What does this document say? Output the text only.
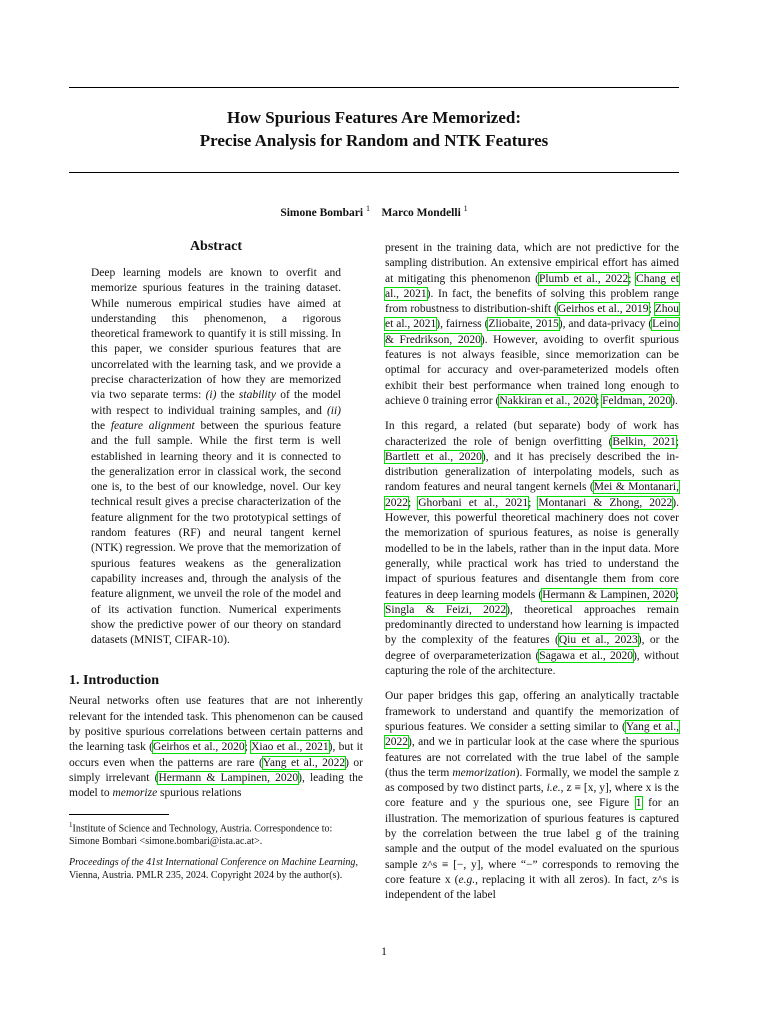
How Spurious Features Are Memorized:
Precise Analysis for Random and NTK Features
Simone Bombari $^1$ Marco Mondelli $^1$
Abstract

Deep learning models are known to overfit and memorize spurious features in the training dataset. While numerous empirical studies have aimed at understanding this phenomenon, a rigorous theoretical framework to quantify it is still missing. In this paper, we consider spurious features that are uncorrelated with the learning task, and we provide a precise characterization of how they are memorized via two separate terms: (i) the stability of the model with respect to individual training samples, and (ii) the feature alignment between the spurious feature and the full sample. While the first term is well established in learning theory and it is connected to the generalization error in classical work, the second one is, to the best of our knowledge, novel. Our key technical result gives a precise characterization of the feature alignment for the two prototypical settings of random features (RF) and neural tangent kernel (NTK) regression. We prove that the memorization of spurious features weakens as the generalization capability increases and, through the analysis of the feature alignment, we unveil the role of the model and of its activation function. Numerical experiments show the predictive power of our theory on standard datasets (MNIST, CIFAR-10).

1. Introduction

Neural networks often use features that are not inherently relevant for the intended task. This phenomenon can be caused by positive spurious correlations between certain patterns and the learning task (Geirhos et al., 2020; Xiao et al., 2021), but it occurs even when the patterns are rare (Yang et al., 2022) or simply irrelevant (Hermann & Lampinen, 2020), leading the model to memorize spurious relations

$^1$Institute of Science and Technology, Austria. Correspondence to: Simone Bombari <simone.bombari@ista.ac.at>.

Proceedings of the 41st International Conference on Machine Learning, Vienna, Austria. PMLR 235, 2024. Copyright 2024 by the author(s).

present in the training data, which are not predictive for the sampling distribution. An extensive empirical effort has aimed at mitigating this phenomenon (Plumb et al., 2022; Chang et al., 2021). In fact, the benefits of solving this problem range from robustness to distribution-shift (Geirhos et al., 2019; Zhou et al., 2021), fairness (Zliobaite, 2015), and data-privacy (Leino & Fredrikson, 2020). However, avoiding to overfit spurious features is not always feasible, since memorization can be optimal for accuracy and over-parameterized models often exhibit their best performance when trained long enough to achieve 0 training error (Nakkiran et al., 2020; Feldman, 2020).

In this regard, a related (but separate) body of work has characterized the role of benign overfitting (Belkin, 2021; Bartlett et al., 2020), and it has precisely described the in-distribution generalization of interpolating models, such as random features and neural tangent kernels (Mei & Montanari, 2022; Ghorbani et al., 2021; Montanari & Zhong, 2022). However, this powerful theoretical machinery does not cover the memorization of spurious features, as noise is generally modelled to be in the labels, rather than in the input data. More generally, while practical work has tried to understand the impact of spurious features and disentangle them from core features in deep learning models (Hermann & Lampinen, 2020; Singla & Feizi, 2022), theoretical approaches remain predominantly directed to understand how learning is impacted by the complexity of the features (Qiu et al., 2023), or the degree of overparameterization (Sagawa et al., 2020), without capturing the role of the architecture.

Our paper bridges this gap, offering an analytically tractable framework to understand and quantify the memorization of spurious features. We consider a setting similar to (Yang et al., 2022), and we in particular look at the case where the spurious features are not correlated with the true label of the sample (thus the term memorization). Formally, we model the sample z as composed by two distinct parts, i.e., z ≡ [x, y], where x is the core feature and y the spurious one, see Figure 1 for an illustration. The memorization of spurious features is captured by the correlation between the true label g of the training sample and the output of the model evaluated on the spurious sample z^s ≡ [−, y], where “−” corresponds to removing the core feature x (e.g., replacing it with all zeros). In fact, z^s is independent of the label

1
